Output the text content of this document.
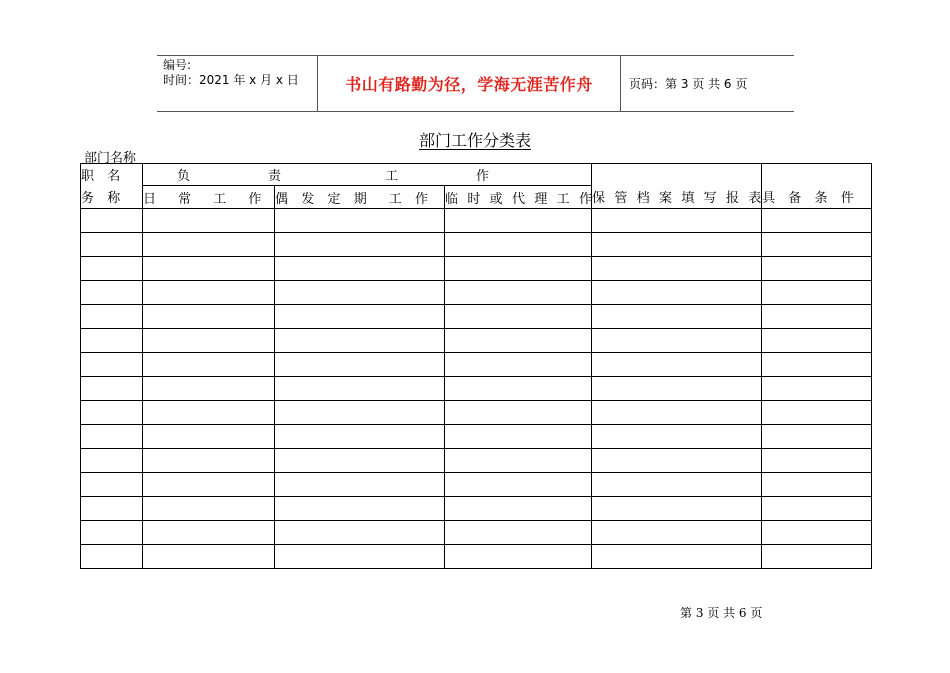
编号:
时间：2021 年 x 月 x 日	书山有路勤为径，学海无涯苦作舟	页码：第 3 页 共 6 页
部门工作分类表
部门名称
职 名	负　　　　　　责　　　　　　　　工　　　　　　作				
务 称	日　常　工　作	偶 发 定 期　工 作	临 时 或 代 理 工 作	保 管 档 案 填 写 报 表	具 备 条 件

第 3 页 共 6 页
